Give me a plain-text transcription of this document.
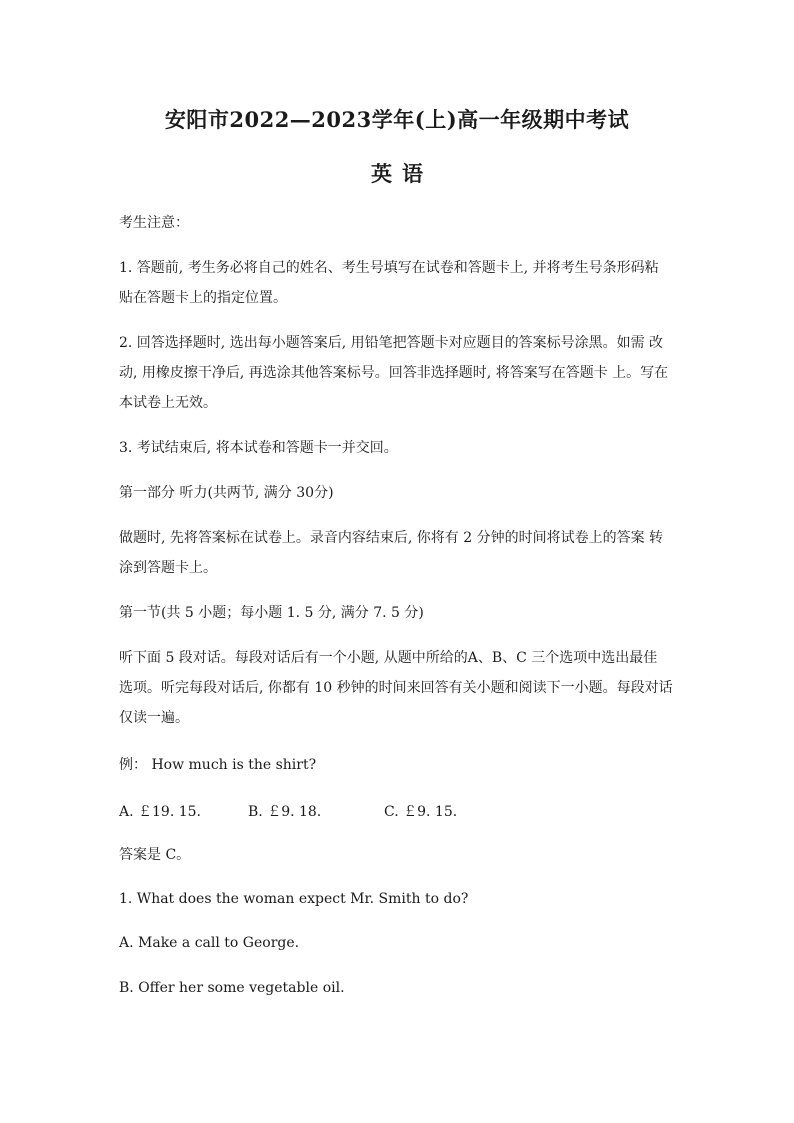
安阳市2022—2023学年(上)高一年级期中考试
英语
考生注意：
1. 答题前, 考生务必将自己的姓名、考生号填写在试卷和答题卡上, 并将考生号条形码粘
贴在答题卡上的指定位置。
2. 回答选择题时, 选出每小题答案后, 用铅笔把答题卡对应题目的答案标号涂黑。如需 改
动, 用橡皮擦干净后, 再选涂其他答案标号。回答非选择题时, 将答案写在答题卡 上。写在
本试卷上无效。
3. 考试结束后, 将本试卷和答题卡一并交回。
第一部分 听力(共两节, 满分 30分)
做题时, 先将答案标在试卷上。录音内容结束后, 你将有 2 分钟的时间将试卷上的答案 转
涂到答题卡上。
第一节(共 5 小题；每小题 1. 5 分, 满分 7. 5 分)
听下面 5 段对话。每段对话后有一个小题, 从题中所给的A、B、C 三个选项中选出最佳
选项。听完每段对话后, 你都有 10 秒钟的时间来回答有关小题和阅读下一小题。每段对话
仅读一遍。
例： How much is the shirt?
A. ￡19. 15.	B. ￡9. 18.	C. ￡9. 15.
答案是 C。
1. What does the woman expect Mr. Smith to do?
A. Make a call to George.
B. Offer her some vegetable oil.
